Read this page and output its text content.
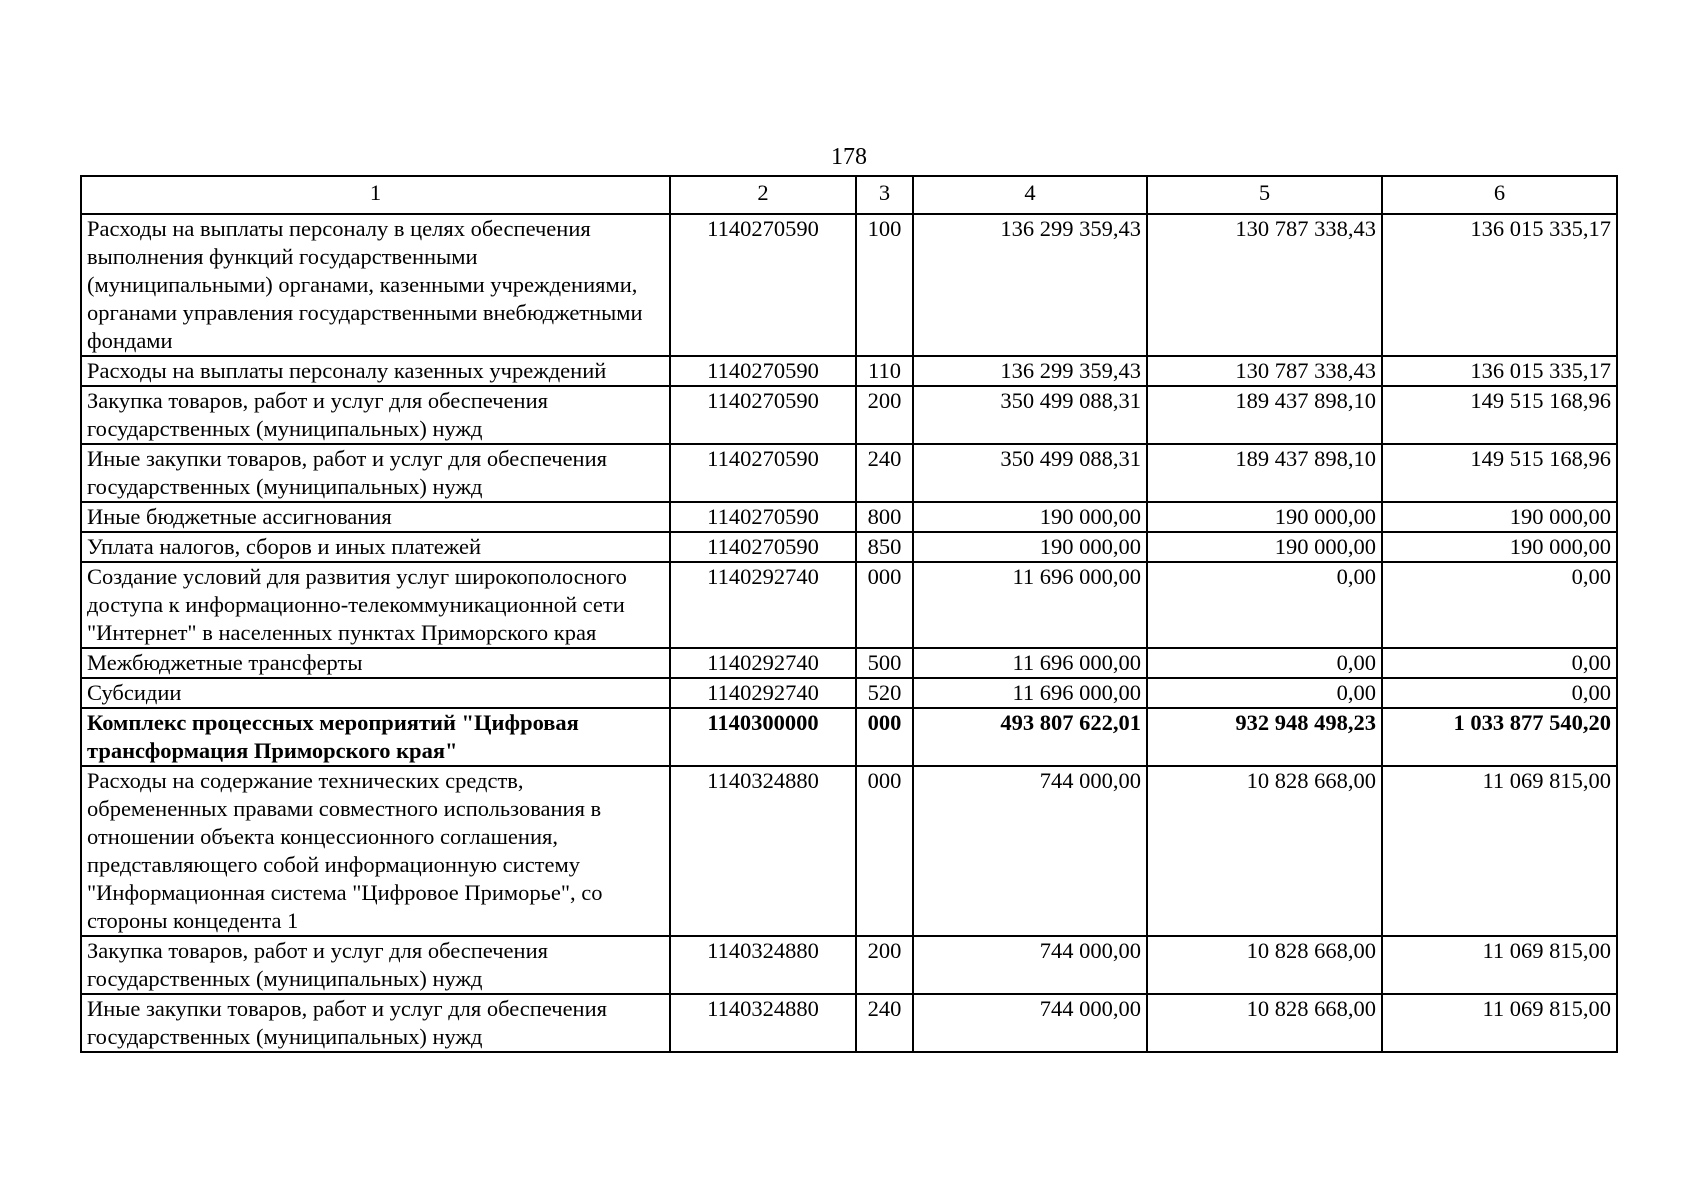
178
1	2	3	4	5	6
Расходы на выплаты персоналу в целях обеспечения выполнения функций государственными (муниципальными) органами, казенными учреждениями, органами управления государственными внебюджетными фондами	1140270590	100	136 299 359,43	130 787 338,43	136 015 335,17
Расходы на выплаты персоналу казенных учреждений	1140270590	110	136 299 359,43	130 787 338,43	136 015 335,17
Закупка товаров, работ и услуг для обеспечения государственных (муниципальных) нужд	1140270590	200	350 499 088,31	189 437 898,10	149 515 168,96
Иные закупки товаров, работ и услуг для обеспечения государственных (муниципальных) нужд	1140270590	240	350 499 088,31	189 437 898,10	149 515 168,96
Иные бюджетные ассигнования	1140270590	800	190 000,00	190 000,00	190 000,00
Уплата налогов, сборов и иных платежей	1140270590	850	190 000,00	190 000,00	190 000,00
Создание условий для развития услуг широкополосного доступа к информационно-телекоммуникационной сети "Интернет" в населенных пунктах Приморского края	1140292740	000	11 696 000,00	0,00	0,00
Межбюджетные трансферты	1140292740	500	11 696 000,00	0,00	0,00
Субсидии	1140292740	520	11 696 000,00	0,00	0,00
Комплекс процессных мероприятий "Цифровая трансформация Приморского края"	1140300000	000	493 807 622,01	932 948 498,23	1 033 877 540,20
Расходы на содержание технических средств, обремененных правами совместного использования в отношении объекта концессионного соглашения, представляющего собой информационную систему "Информационная система "Цифровое Приморье", со стороны концедента 1	1140324880	000	744 000,00	10 828 668,00	11 069 815,00
Закупка товаров, работ и услуг для обеспечения государственных (муниципальных) нужд	1140324880	200	744 000,00	10 828 668,00	11 069 815,00
Иные закупки товаров, работ и услуг для обеспечения государственных (муниципальных) нужд	1140324880	240	744 000,00	10 828 668,00	11 069 815,00
